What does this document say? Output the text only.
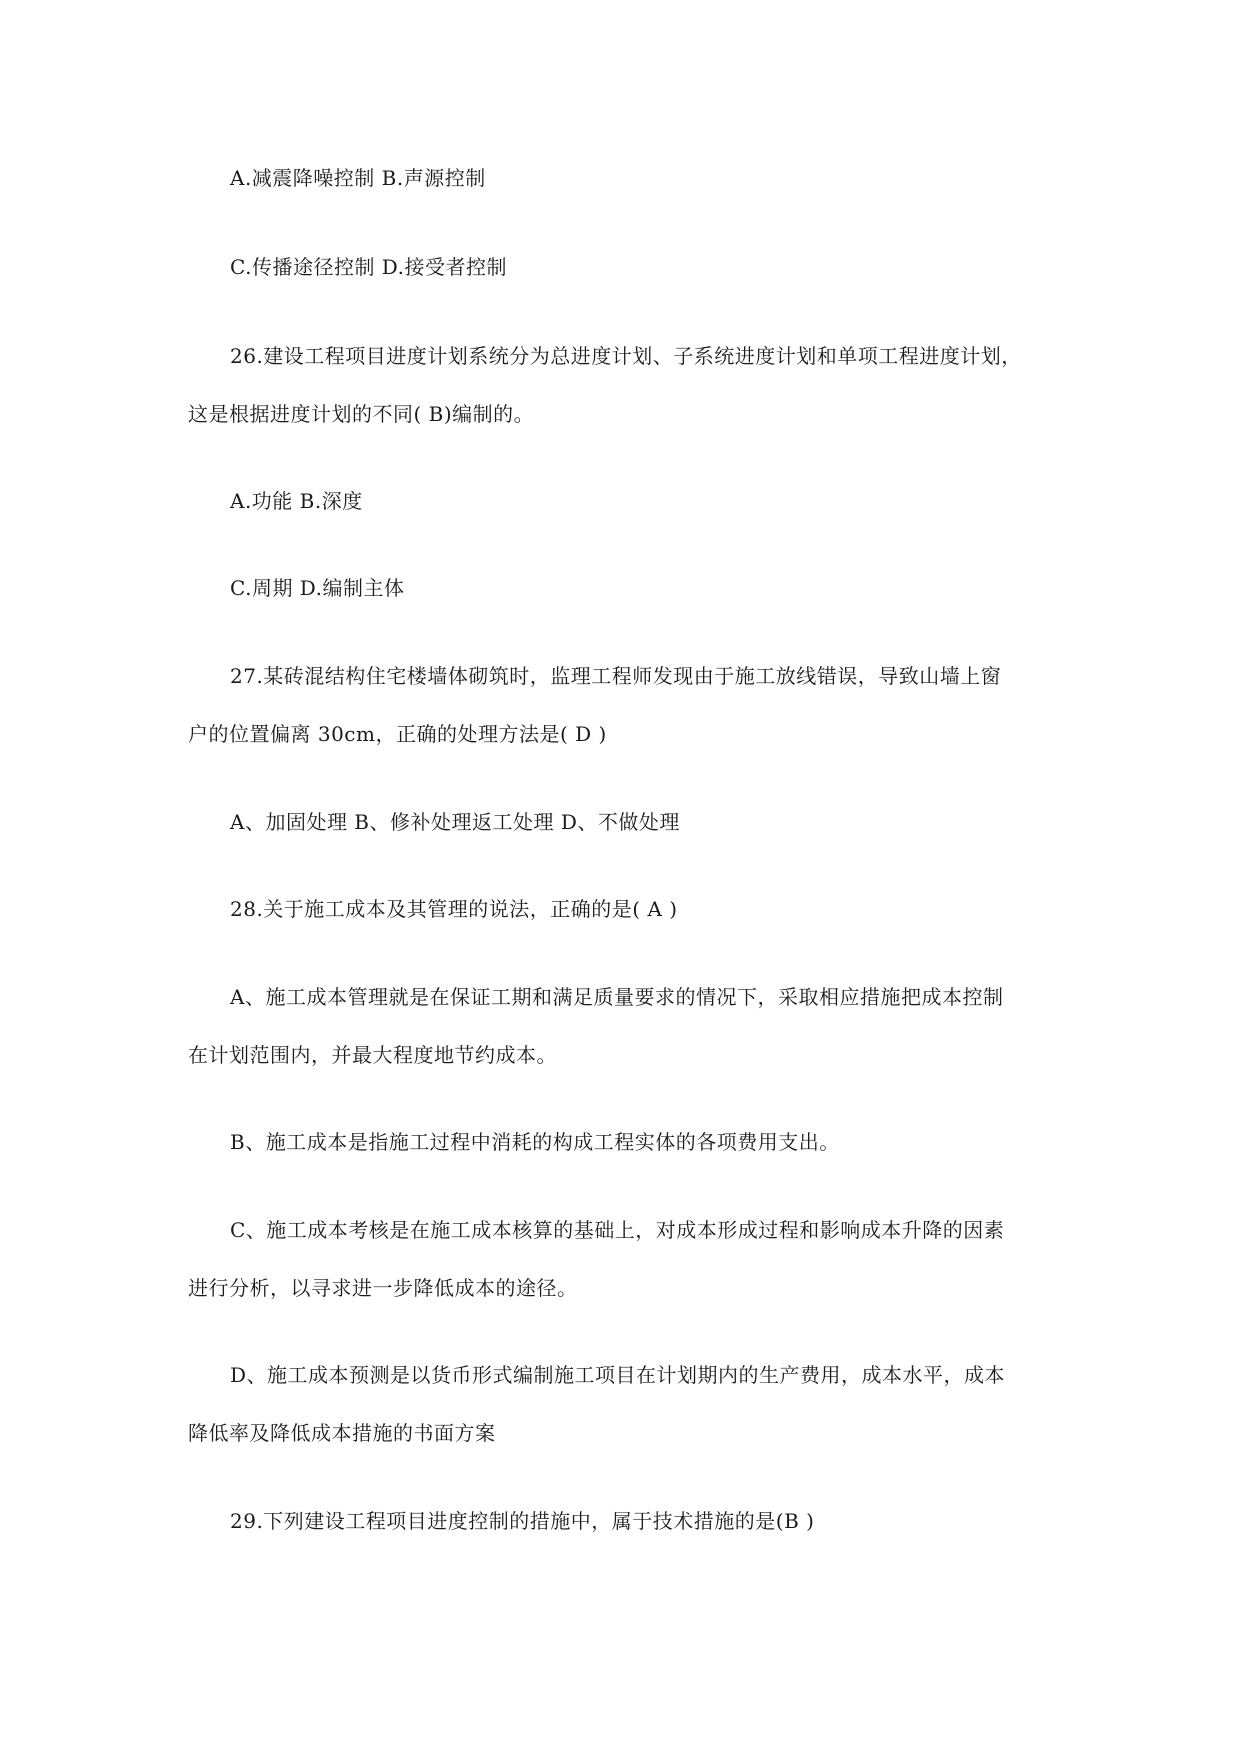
A.减震降噪控制 B.声源控制
C.传播途径控制 D.接受者控制
26.建设工程项目进度计划系统分为总进度计划、子系统进度计划和单项工程进度计划，
这是根据进度计划的不同( B)编制的。
A.功能 B.深度
C.周期 D.编制主体
27.某砖混结构住宅楼墙体砌筑时，监理工程师发现由于施工放线错误，导致山墙上窗
户的位置偏离 30cm，正确的处理方法是( D )
A、加固处理 B、修补处理返工处理 D、不做处理
28.关于施工成本及其管理的说法，正确的是( A )
A、施工成本管理就是在保证工期和满足质量要求的情况下，采取相应措施把成本控制
在计划范围内，并最大程度地节约成本。
B、施工成本是指施工过程中消耗的构成工程实体的各项费用支出。
C、施工成本考核是在施工成本核算的基础上，对成本形成过程和影响成本升降的因素
进行分析，以寻求进一步降低成本的途径。
D、施工成本预测是以货币形式编制施工项目在计划期内的生产费用，成本水平，成本
降低率及降低成本措施的书面方案
29.下列建设工程项目进度控制的措施中，属于技术措施的是(B )
